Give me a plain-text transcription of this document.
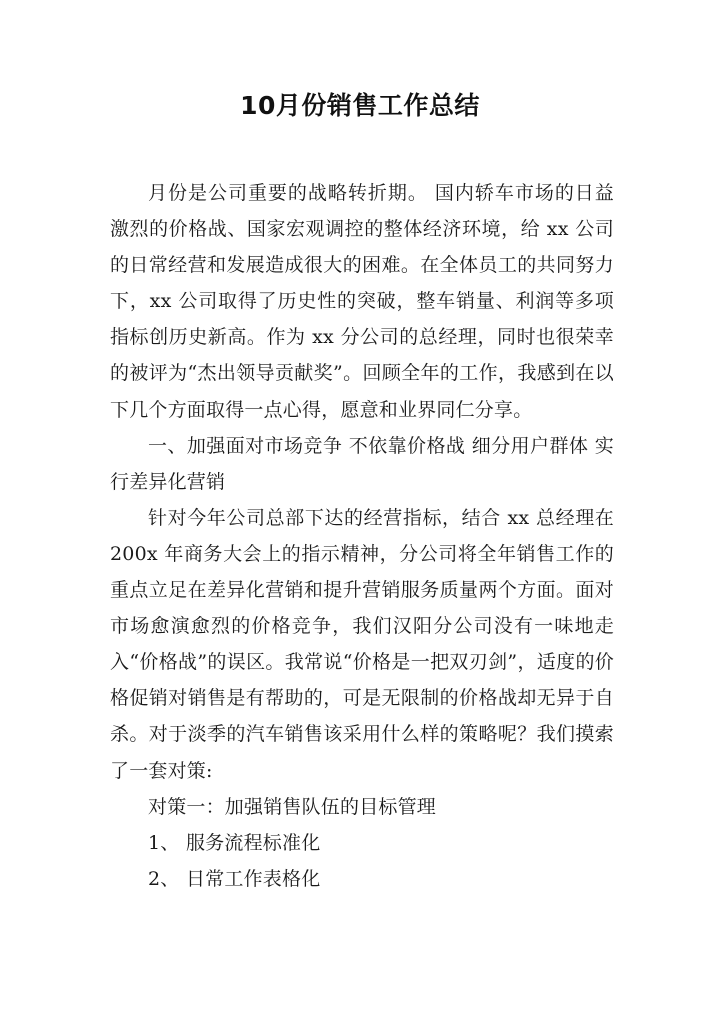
10月份销售工作总结

月份是公司重要的战略转折期。 国内轿车市场的日益激烈的价格战、国家宏观调控的整体经济环境，给 xx 公司的日常经营和发展造成很大的困难。在全体员工的共同努力下，xx 公司取得了历史性的突破，整车销量、利润等多项指标创历史新高。作为 xx 分公司的总经理，同时也很荣幸的被评为“杰出领导贡献奖”。回顾全年的工作，我感到在以下几个方面取得一点心得，愿意和业界同仁分享。

一、加强面对市场竞争 不依靠价格战 细分用户群体 实行差异化营销

针对今年公司总部下达的经营指标，结合 xx 总经理在200x 年商务大会上的指示精神，分公司将全年销售工作的重点立足在差异化营销和提升营销服务质量两个方面。面对市场愈演愈烈的价格竞争，我们汉阳分公司没有一味地走入“价格战”的误区。我常说“价格是一把双刃剑”，适度的价格促销对销售是有帮助的，可是无限制的价格战却无异于自杀。对于淡季的汽车销售该采用什么样的策略呢？我们摸索了一套对策:

对策一：加强销售队伍的目标管理

1、 服务流程标准化

2、 日常工作表格化
